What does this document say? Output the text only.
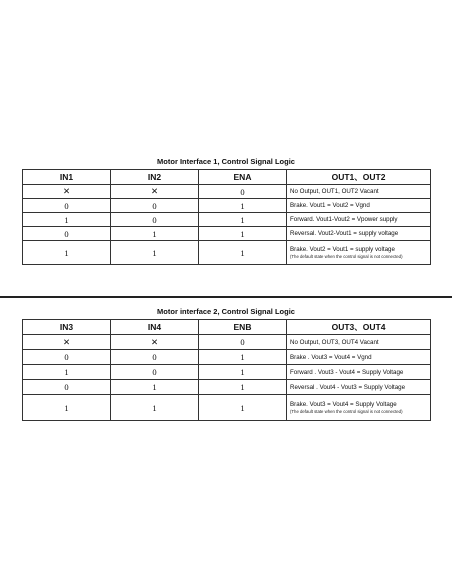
Motor Interface 1, Control Signal Logic
IN1	IN2	ENA	OUT1、OUT2
✕	✕	0	No Output, OUT1, OUT2 Vacant
0	0	1	Brake. Vout1 = Vout2 = Vgnd
1	0	1	Forward. Vout1-Vout2 = Vpower supply
0	1	1	Reversal. Vout2-Vout1 = supply voltage
1	1	1	Brake. Vout2 = Vout1 = supply voltage
(The default state when the control signal is not connected)
Motor interface 2, Control Signal Logic
IN3	IN4	ENB	OUT3、OUT4
✕	✕	0	No Output, OUT3, OUT4 Vacant
0	0	1	Brake . Vout3 = Vout4 = Vgnd
1	0	1	Forward . Vout3 - Vout4 = Supply Voltage
0	1	1	Reversal . Vout4 - Vout3 = Supply Voltage
1	1	1	Brake. Vout3 = Vout4 = Supply Voltage
(The default state when the control signal is not connected)
